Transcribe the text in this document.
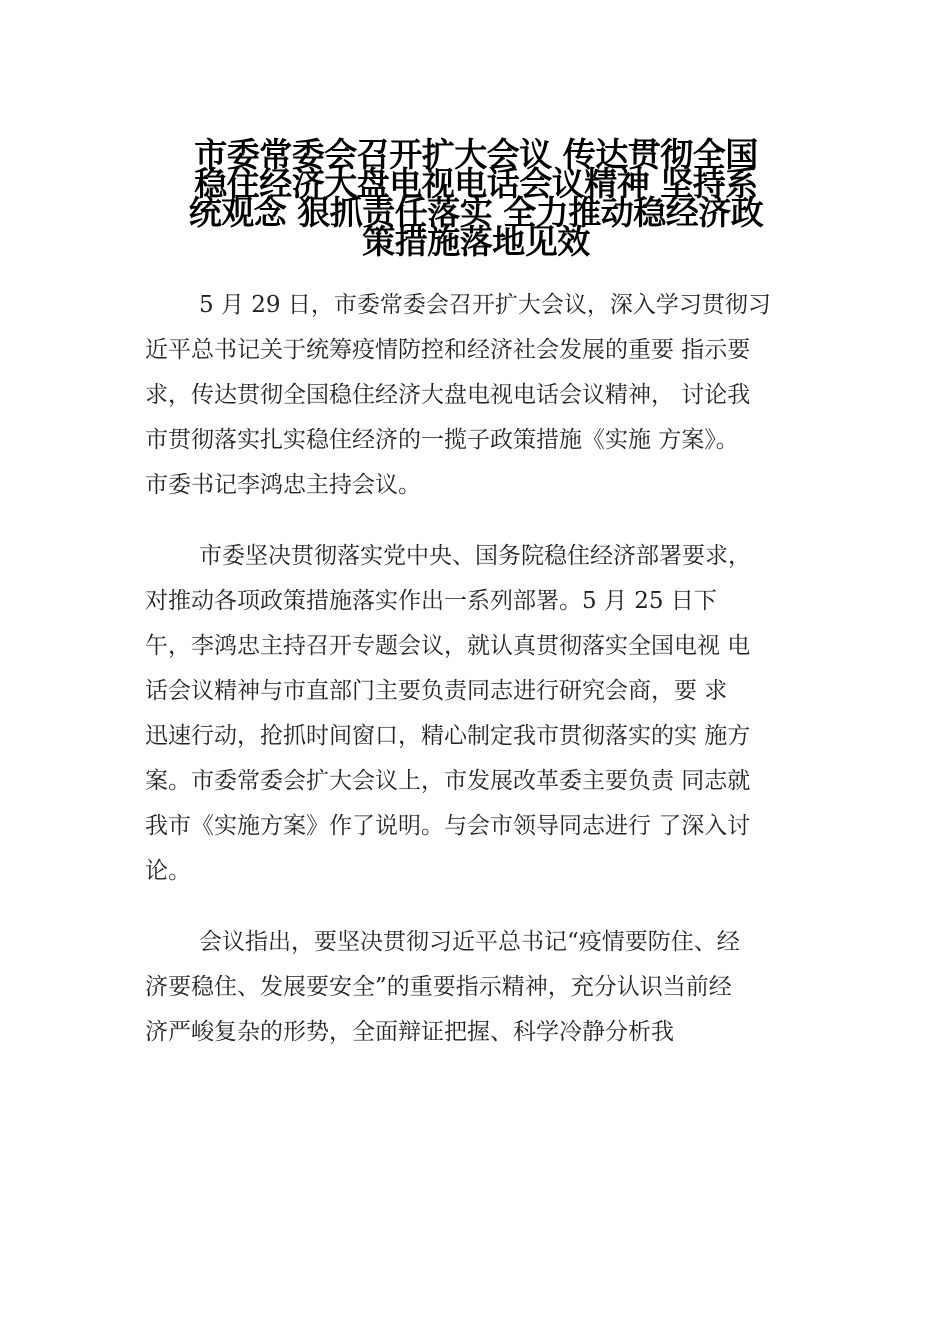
市委常委会召开扩大会议 传达贯彻全国
稳住经济大盘电视电话会议精神 坚持系
统观念 狠抓责任落实 全力推动稳经济政
策措施落地见效

5 月 29 日，市委常委会召开扩大会议，深入学习贯彻习
近平总书记关于统筹疫情防控和经济社会发展的重要 指示要
求，传达贯彻全国稳住经济大盘电视电话会议精神， 讨论我
市贯彻落实扎实稳住经济的一揽子政策措施《实施 方案》。
市委书记李鸿忠主持会议。

市委坚决贯彻落实党中央、国务院稳住经济部署要求，
对推动各项政策措施落实作出一系列部署。5 月 25 日下
午，李鸿忠主持召开专题会议，就认真贯彻落实全国电视 电
话会议精神与市直部门主要负责同志进行研究会商，要 求
迅速行动，抢抓时间窗口，精心制定我市贯彻落实的实 施方
案。市委常委会扩大会议上，市发展改革委主要负责 同志就
我市《实施方案》作了说明。与会市领导同志进行 了深入讨
论。

会议指出，要坚决贯彻习近平总书记“疫情要防住、经
济要稳住、发展要安全”的重要指示精神，充分认识当前经
济严峻复杂的形势，全面辩证把握、科学冷静分析我
